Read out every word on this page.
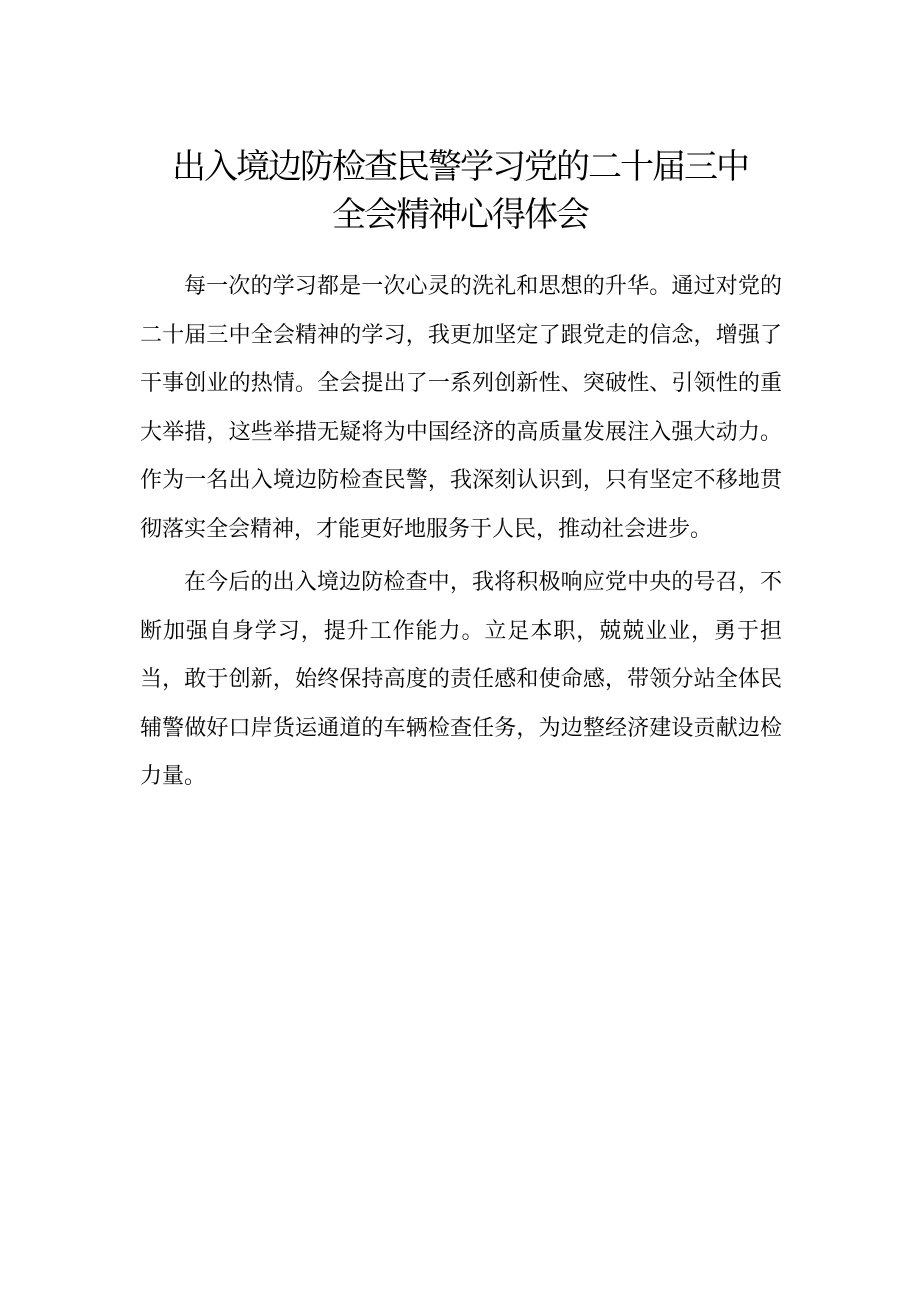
出入境边防检查民警学习党的二十届三中
全会精神心得体会

每一次的学习都是一次心灵的洗礼和思想的升华。通过对党的二十届三中全会精神的学习，我更加坚定了跟党走的信念，增强了干事创业的热情。全会提出了一系列创新性、突破性、引领性的重大举措，这些举措无疑将为中国经济的高质量发展注入强大动力。作为一名出入境边防检查民警，我深刻认识到，只有坚定不移地贯彻落实全会精神，才能更好地服务于人民，推动社会进步。

在今后的出入境边防检查中，我将积极响应党中央的号召，不断加强自身学习，提升工作能力。立足本职，兢兢业业，勇于担当，敢于创新，始终保持高度的责任感和使命感，带领分站全体民辅警做好口岸货运通道的车辆检查任务，为边整经济建设贡献边检力量。
